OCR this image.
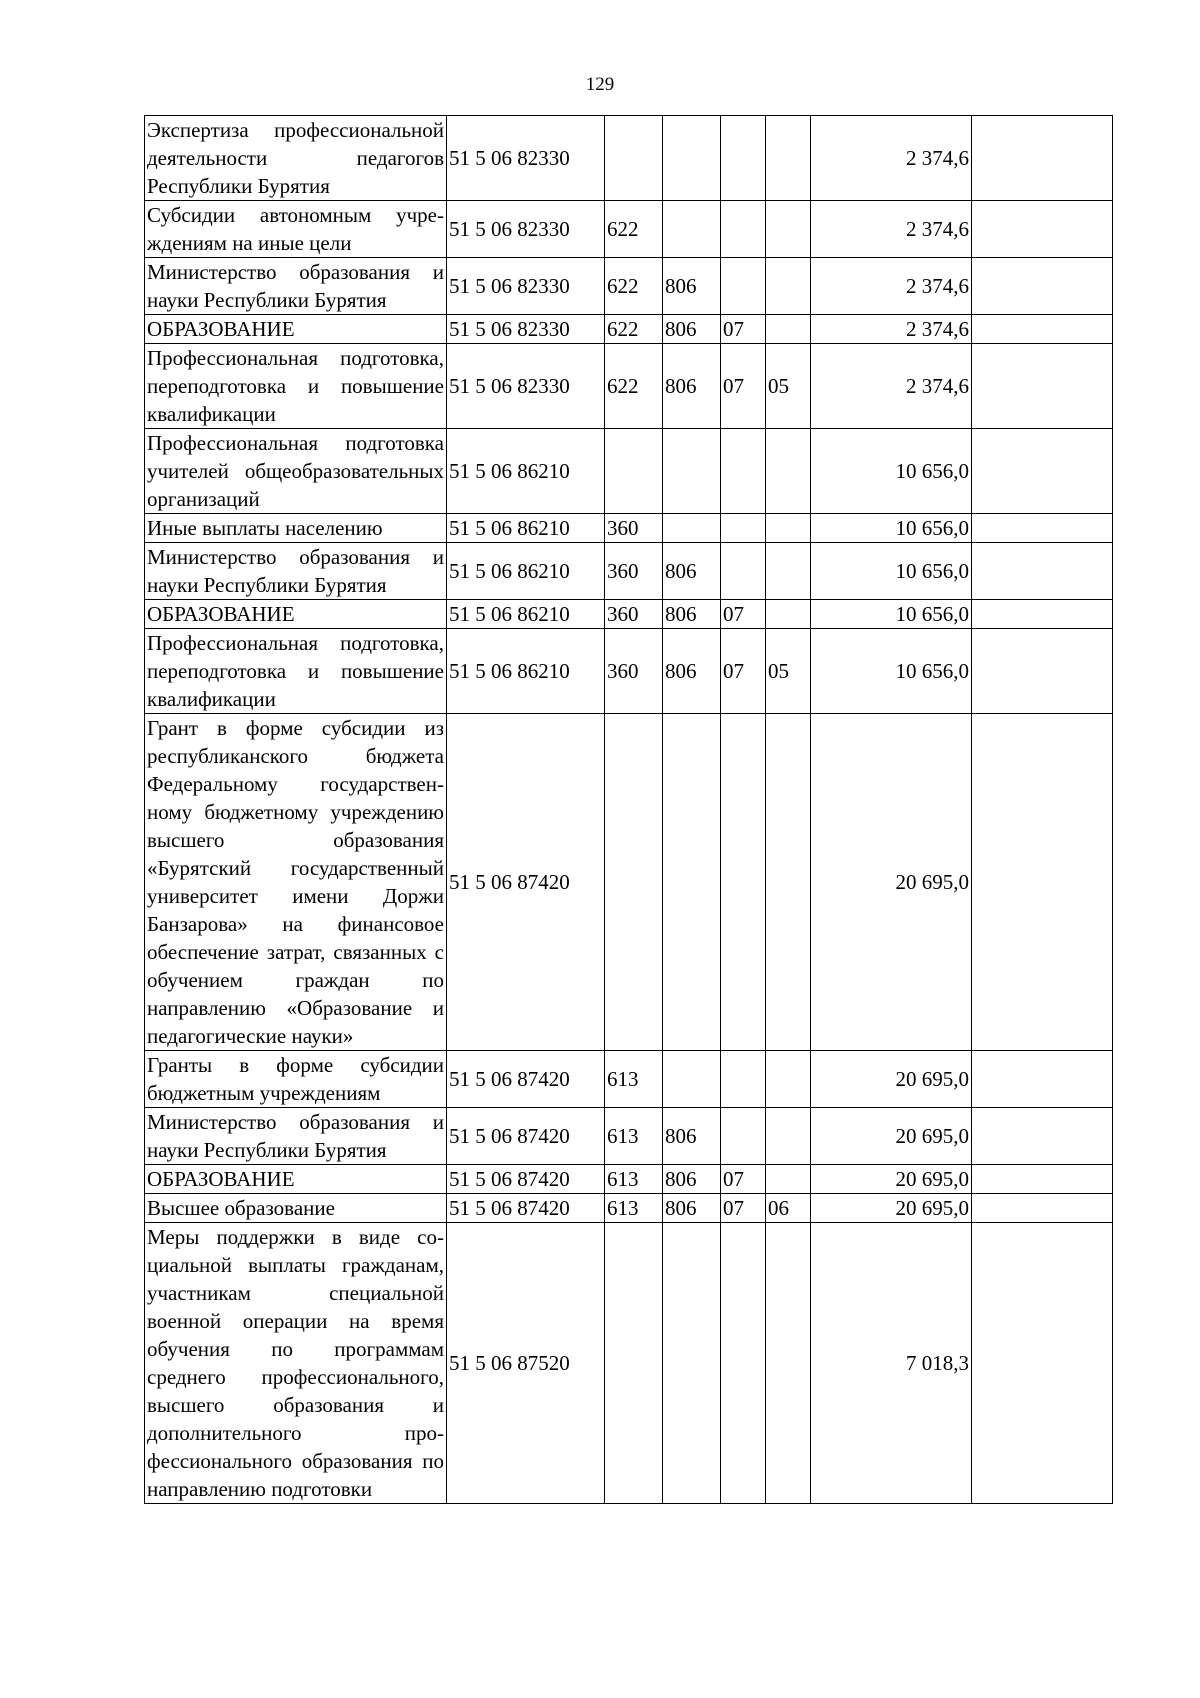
129
Экспертиза профессиональной деятельности педагогов Республики Бурятия	51 5 06 82330					2 374,6	
Субсидии автономным учреждениям на иные цели	51 5 06 82330	622				2 374,6	
Министерство образования и науки Республики Бурятия	51 5 06 82330	622	806			2 374,6	
ОБРАЗОВАНИЕ	51 5 06 82330	622	806	07		2 374,6	
Профессиональная подготовка, переподготовка и повышение квалификации	51 5 06 82330	622	806	07	05	2 374,6	
Профессиональная подготовка учителей общеобразовательных организаций	51 5 06 86210					10 656,0	
Иные выплаты населению	51 5 06 86210	360				10 656,0	
Министерство образования и науки Республики Бурятия	51 5 06 86210	360	806			10 656,0	
ОБРАЗОВАНИЕ	51 5 06 86210	360	806	07		10 656,0	
Профессиональная подготовка, переподготовка и повышение квалификации	51 5 06 86210	360	806	07	05	10 656,0	
Грант в форме субсидии из республиканского бюджета Федеральному государственному бюджетному учреждению высшего образования «Бурятский государственный университет имени Доржи Банзарова» на финансовое обеспечение затрат, связанных с обучением граждан по направлению «Образование и педагогические науки»	51 5 06 87420					20 695,0	
Гранты в форме субсидии бюджетным учреждениям	51 5 06 87420	613				20 695,0	
Министерство образования и науки Республики Бурятия	51 5 06 87420	613	806			20 695,0	
ОБРАЗОВАНИЕ	51 5 06 87420	613	806	07		20 695,0	
Высшее образование	51 5 06 87420	613	806	07	06	20 695,0	
Меры поддержки в виде социальной выплаты гражданам, участникам специальной военной операции на время обучения по программам среднего профессионального, высшего образования и дополнительного профессионального образования по направлению подготовки	51 5 06 87520					7 018,3	
